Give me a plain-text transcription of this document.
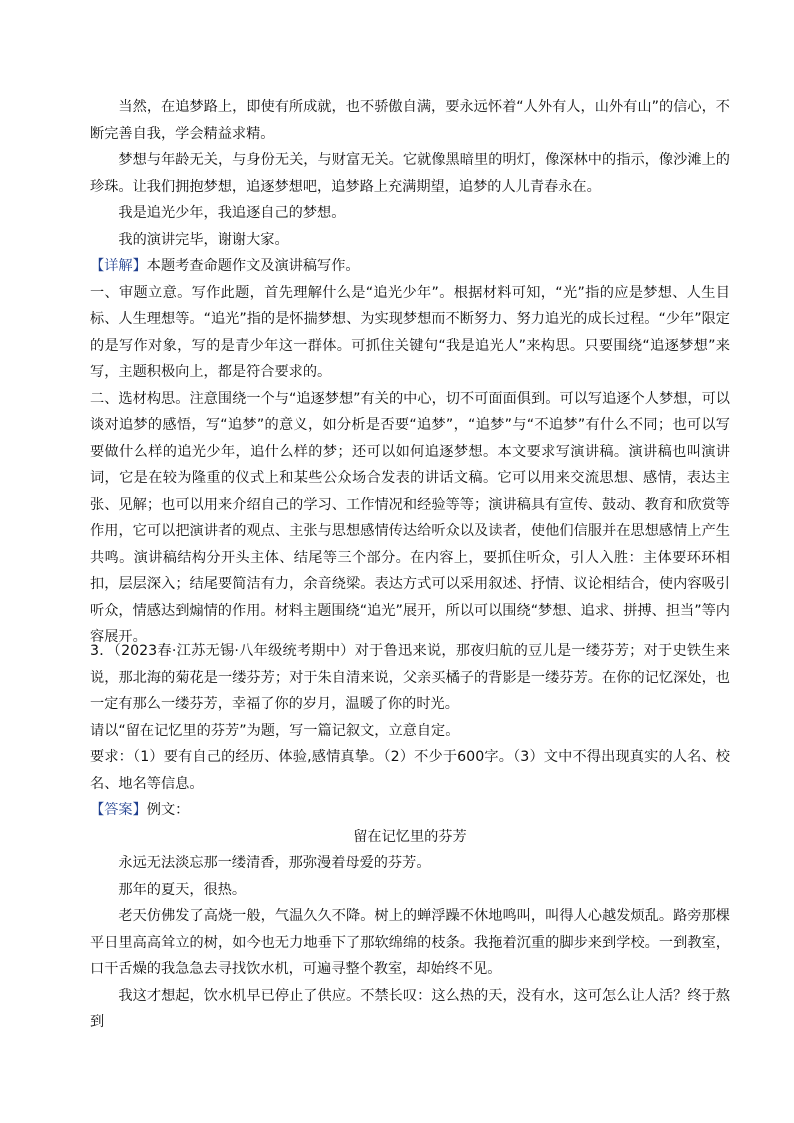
当然，在追梦路上，即使有所成就，也不骄傲自满，要永远怀着“人外有人，山外有山”的信心，不断完善自我，学会精益求精。

梦想与年龄无关，与身份无关，与财富无关。它就像黑暗里的明灯，像深林中的指示，像沙滩上的珍珠。让我们拥抱梦想，追逐梦想吧，追梦路上充满期望，追梦的人儿青春永在。

我是追光少年，我追逐自己的梦想。

我的演讲完毕，谢谢大家。

【详解】本题考查命题作文及演讲稿写作。

一、审题立意。写作此题，首先理解什么是“追光少年”。根据材料可知，“光”指的应是梦想、人生目标、人生理想等。“追光”指的是怀揣梦想、为实现梦想而不断努力、努力追光的成长过程。“少年”限定的是写作对象，写的是青少年这一群体。可抓住关键句“我是追光人”来构思。只要围绕“追逐梦想”来写，主题积极向上，都是符合要求的。

二、选材构思。注意围绕一个与“追逐梦想”有关的中心，切不可面面俱到。可以写追逐个人梦想，可以谈对追梦的感悟，写“追梦”的意义，如分析是否要“追梦”，“追梦”与“不追梦”有什么不同；也可以写要做什么样的追光少年，追什么样的梦；还可以如何追逐梦想。本文要求写演讲稿。演讲稿也叫演讲词，它是在较为隆重的仪式上和某些公众场合发表的讲话文稿。它可以用来交流思想、感情，表达主张、见解；也可以用来介绍自己的学习、工作情况和经验等等；演讲稿具有宣传、鼓动、教育和欣赏等作用，它可以把演讲者的观点、主张与思想感情传达给听众以及读者，使他们信服并在思想感情上产生共鸣。演讲稿结构分开头主体、结尾等三个部分。在内容上，要抓住听众，引人入胜：主体要环环相扣，层层深入；结尾要简洁有力，余音绕梁。表达方式可以采用叙述、抒情、议论相结合，使内容吸引听众，情感达到煽情的作用。材料主题围绕“追光”展开，所以可以围绕“梦想、追求、拼搏、担当”等内容展开。

3．（2023春·江苏无锡·八年级统考期中）对于鲁迅来说，那夜归航的豆儿是一缕芬芳；对于史铁生来说，那北海的菊花是一缕芬芳；对于朱自清来说，父亲买橘子的背影是一缕芬芳。在你的记忆深处，也一定有那么一缕芬芳，幸福了你的岁月，温暖了你的时光。

请以“留在记忆里的芬芳”为题，写一篇记叙文，立意自定。

要求：（1）要有自己的经历、体验,感情真挚。（2）不少于600字。（3）文中不得出现真实的人名、校名、地名等信息。

【答案】例文：

留在记忆里的芬芳

永远无法淡忘那一缕清香，那弥漫着母爱的芬芳。

那年的夏天，很热。

老天仿佛发了高烧一般，气温久久不降。树上的蝉浮躁不休地鸣叫，叫得人心越发烦乱。路旁那棵平日里高高耸立的树，如今也无力地垂下了那软绵绵的枝条。我拖着沉重的脚步来到学校。一到教室，口干舌燥的我急急去寻找饮水机，可遍寻整个教室，却始终不见。

我这才想起，饮水机早已停止了供应。不禁长叹：这么热的天，没有水，这可怎么让人活？终于熬到
